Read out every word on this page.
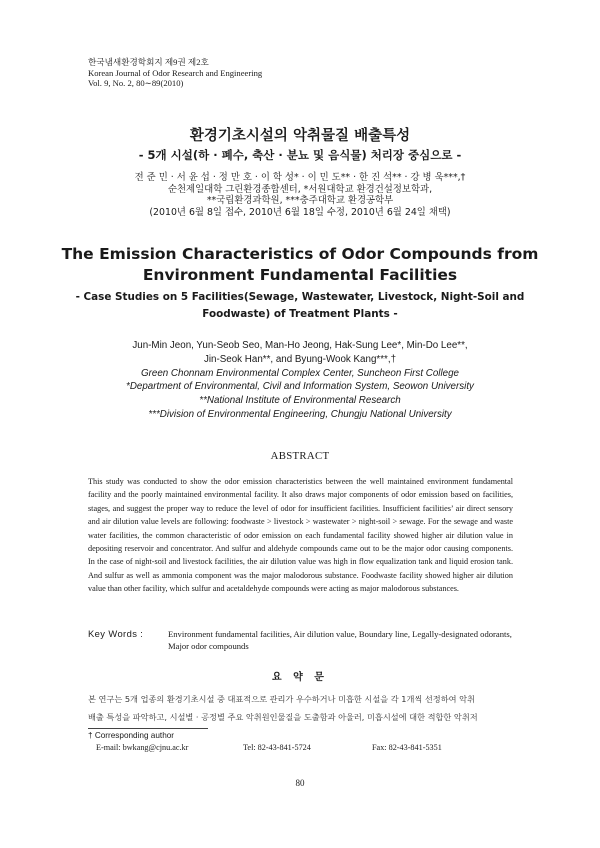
한국냄새환경학회지 제9권 제2호
Korean Journal of Odor Research and Engineering
Vol. 9, No. 2, 80∼89(2010)
환경기초시설의 악취물질 배출특성
- 5개 시설(하 · 폐수, 축산 · 분뇨 및 음식물) 처리장 중심으로 -
전 준 민 · 서 윤 섭 · 정 만 호 · 이 학 성* · 이 민 도** · 한 진 석** · 강 병 욱***,†
순천제일대학 그린환경종합센터, *서원대학교 환경건설정보학과,
**국립환경과학원, ***충주대학교 환경공학부
(2010년 6월 8일 접수, 2010년 6월 18일 수정, 2010년 6월 24일 채택)
The Emission Characteristics of Odor Compounds from
Environment Fundamental Facilities
- Case Studies on 5 Facilities(Sewage, Wastewater, Livestock, Night-Soil and
Foodwaste) of Treatment Plants -
Jun-Min Jeon, Yun-Seob Seo, Man-Ho Jeong, Hak-Sung Lee*, Min-Do Lee**,
Jin-Seok Han**, and Byung-Wook Kang***,†
Green Chonnam Environmental Complex Center, Suncheon First College
*Department of Environmental, Civil and Information System, Seowon University
**National Institute of Environmental Research
***Division of Environmental Engineering, Chungju National University
ABSTRACT
This study was conducted to show the odor emission characteristics between the well maintained environment fundamental facility and the poorly maintained environmental facility. It also draws major components of odor emission based on facilities, stages, and suggest the proper way to reduce the level of odor for insufficient facilities. Insufficient facilities’ air direct sensory and air dilution value levels are following: foodwaste > livestock > wastewater > night-soil > sewage. For the sewage and waste water facilities, the common characteristic of odor emission on each fundamental facility showed higher air dilution value in depositing reservoir and concentrator. And sulfur and aldehyde compounds came out to be the major odor causing components. In the case of night-soil and livestock facilities, the air dilution value was high in flow equalization tank and liquid erosion tank. And sulfur as well as ammonia component was the major malodorous substance. Foodwaste facility showed higher air dilution value than other facility, which sulfur and acetaldehyde compounds were acting as major malodorous substances.
Key Words :	Environment fundamental facilities, Air dilution value, Boundary line, Legally-designated odorants, Major odor compounds
요 약 문
본 연구는 5개 업종의 환경기초시설 중 대표적으로 관리가 우수하거나 미흡한 시설을 각 1개씩 선정하여 악취
배출 특성을 파악하고, 시설별 · 공정별 주요 악취원인물질을 도출함과 아울러, 미흡시설에 대한 적합한 악취저
† Corresponding author
E-mail: bwkang@cjnu.ac.kr	Tel: 82-43-841-5724	Fax: 82-43-841-5351
80
